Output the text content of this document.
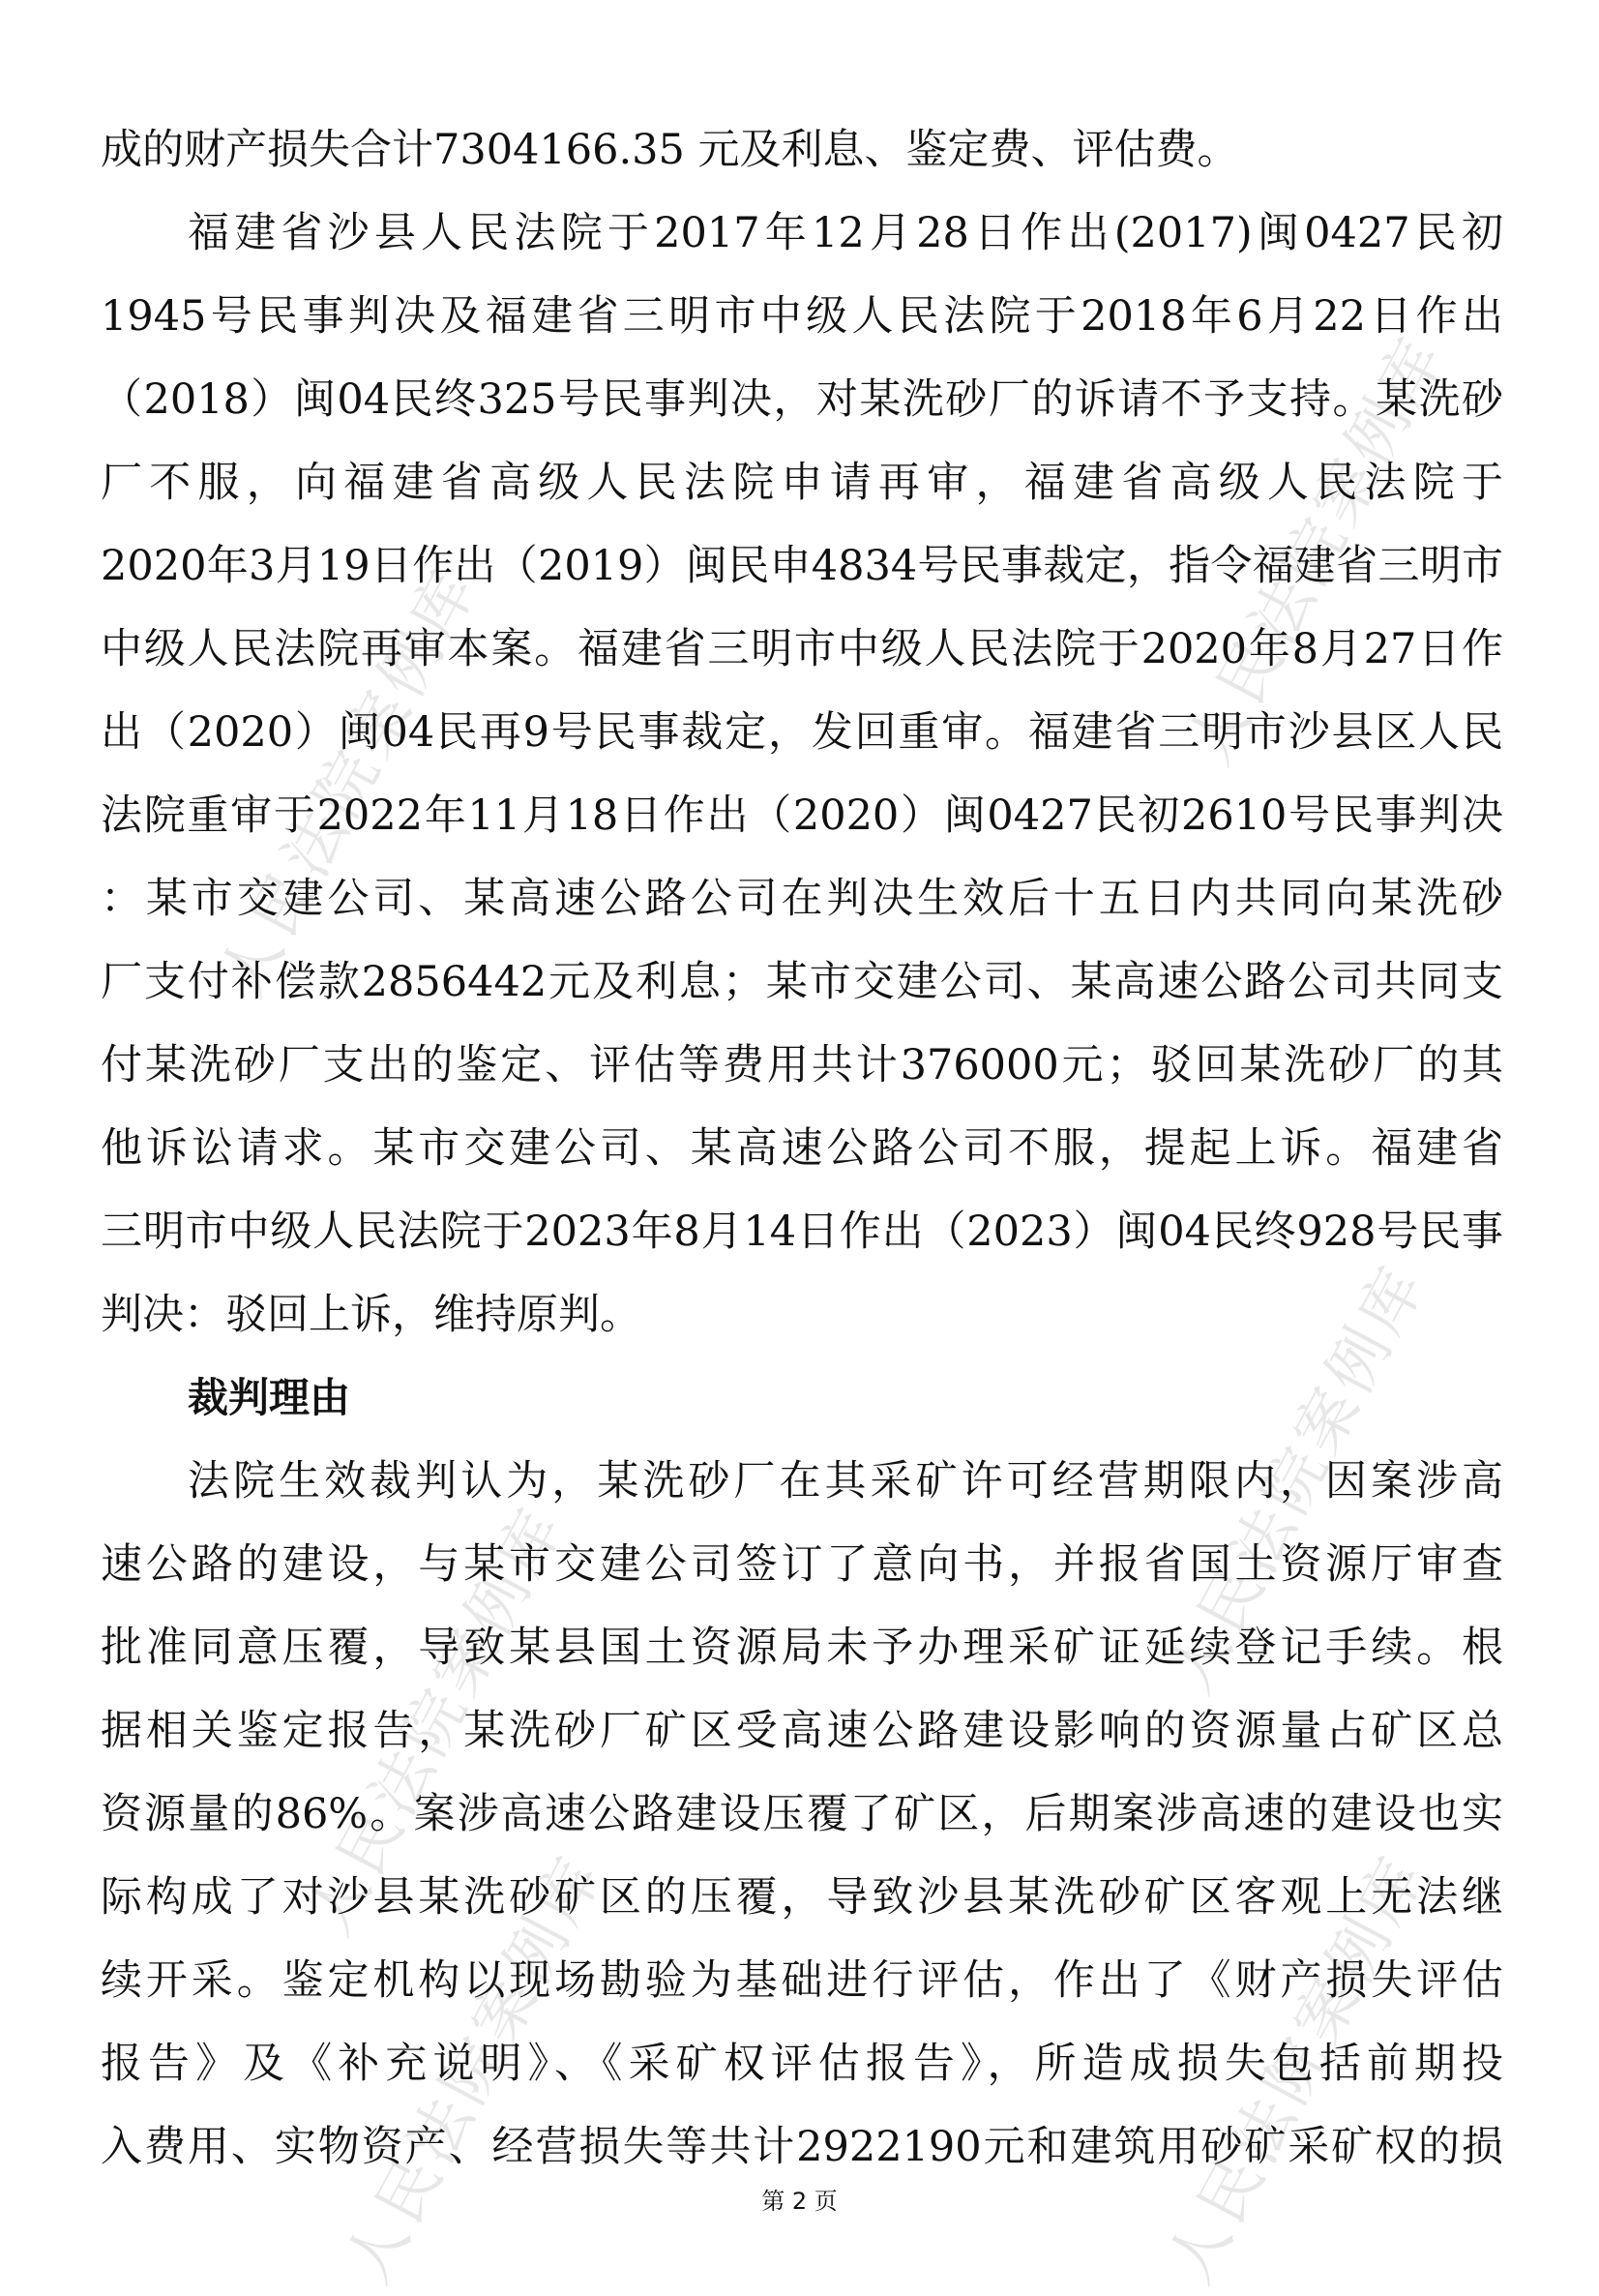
人民法院案例库
人民法院案例库
人民法院案例库
人民法院案例库
人民法院案例库
人民法院案例库
成的财产损失合计7304166.35 元及利息、鉴定费、评估费。
福建省沙县人民法院于2017年12月28日作出(2017)闽0427民初
1945号民事判决及福建省三明市中级人民法院于2018年6月22日作出
（2018）闽04民终325号民事判决，对某洗砂厂的诉请不予支持。某洗砂
厂不服，向福建省高级人民法院申请再审，福建省高级人民法院于
2020年3月19日作出（2019）闽民申4834号民事裁定，指令福建省三明市
中级人民法院再审本案。福建省三明市中级人民法院于2020年8月27日作
出（2020）闽04民再9号民事裁定，发回重审。福建省三明市沙县区人民
法院重审于2022年11月18日作出（2020）闽0427民初2610号民事判决
：某市交建公司、某高速公路公司在判决生效后十五日内共同向某洗砂
厂支付补偿款2856442元及利息；某市交建公司、某高速公路公司共同支
付某洗砂厂支出的鉴定、评估等费用共计376000元；驳回某洗砂厂的其
他诉讼请求。某市交建公司、某高速公路公司不服，提起上诉。福建省
三明市中级人民法院于2023年8月14日作出（2023）闽04民终928号民事
判决：驳回上诉，维持原判。
裁判理由
法院生效裁判认为，某洗砂厂在其采矿许可经营期限内，因案涉高
速公路的建设，与某市交建公司签订了意向书，并报省国土资源厅审查
批准同意压覆，导致某县国土资源局未予办理采矿证延续登记手续。根
据相关鉴定报告，某洗砂厂矿区受高速公路建设影响的资源量占矿区总
资源量的86%。案涉高速公路建设压覆了矿区，后期案涉高速的建设也实
际构成了对沙县某洗砂矿区的压覆，导致沙县某洗砂矿区客观上无法继
续开采。鉴定机构以现场勘验为基础进行评估，作出了《财产损失评估
报告》及《补充说明》、《采矿权评估报告》，所造成损失包括前期投
入费用、实物资产、经营损失等共计2922190元和建筑用砂矿采矿权的损
第 2 页
